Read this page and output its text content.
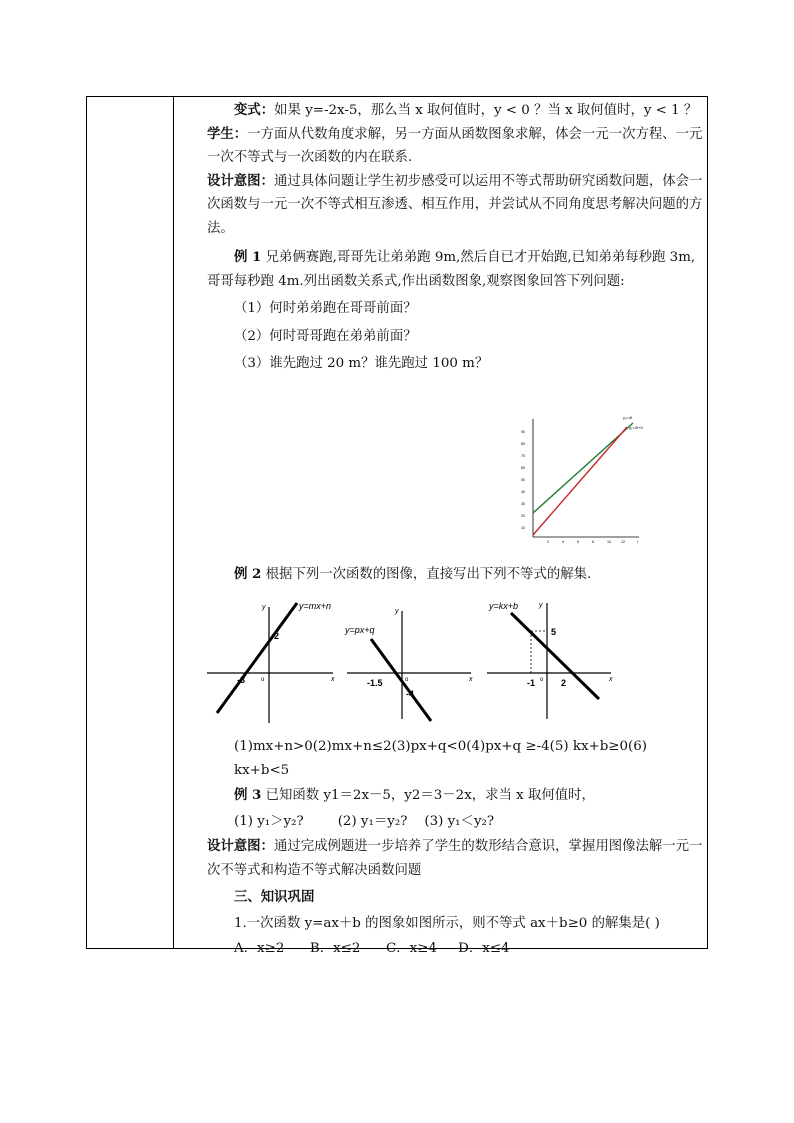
变式：如果 y=-2x-5，那么当 x 取何值时，y < 0 ？当 x 取何值时，y < 1 ？

学生：一方面从代数角度求解，另一方面从函数图象求解，体会一元一次方程、一元一次不等式与一次函数的内在联系.

设计意图：通过具体问题让学生初步感受可以运用不等式帮助研究函数问题，体会一次函数与一元一次不等式相互渗透、相互作用，并尝试从不同角度思考解决问题的方法。

例 1 兄弟俩赛跑,哥哥先让弟弟跑 9m,然后自已才开始跑,已知弟弟每秒跑 3m,哥哥每秒跑 4m.列出函数关系式,作出函数图象,观察图象回答下列问题:

（1）何时弟弟跑在哥哥前面？

（2）何时哥哥跑在弟弟前面？

（3）谁先跑过 20 m？谁先跑过 100 m？

90
80
70
60
50
40
30
20
10
2	4	6	8	10	12	t
y₂=4t
y₁=3t+9

例 2 根据下列一次函数的图像，直接写出下列不等式的解集.

y=mx+n
y
x
o
-3
2
y=px+q
y
x
o
-1.5
-4
y=kx+b	y
x
o
-1	2
5

(1)mx+n>0(2)mx+n≤2(3)px+q<0(4)px+q ≥-4(5) kx+b≥0(6) kx+b<5

例 3 已知函数 y1＝2x－5，y2＝3－2x，求当 x 取何值时，

(1) y₁＞y₂?        (2) y₁＝y₂?    (3) y₁＜y₂?

设计意图：通过完成例题进一步培养了学生的数形结合意识，掌握用图像法解一元一次不等式和构造不等式解决函数问题

三、知识巩固

1.一次函数 y=ax＋b 的图象如图所示，则不等式 ax＋b≥0 的解集是( )

A．x≥2      B．x≤2      C．x≥4     D．x≤4
